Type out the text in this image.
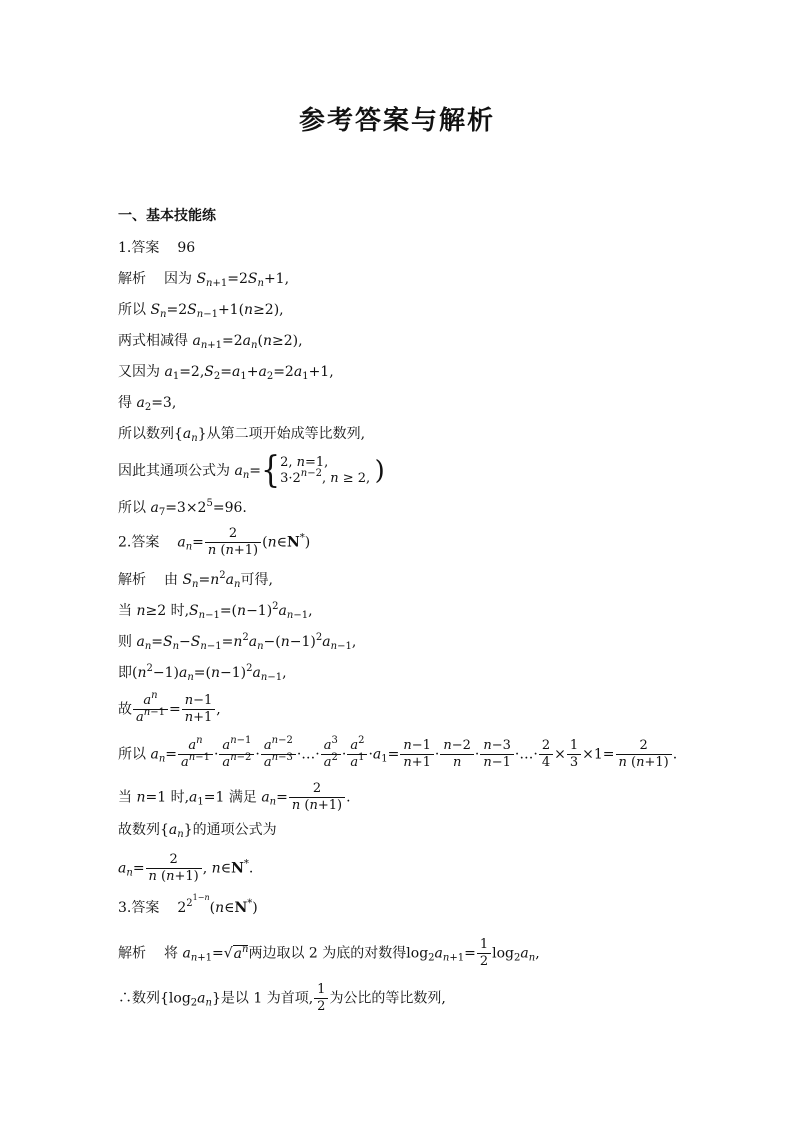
参考答案与解析
一、基本技能练
1.答案 96
解析 因为 $S_{n+1}=2S_n+1$,
所以 $S_n=2S_{n-1}+1(n\ge 2)$,
两式相减得 $a_{n+1}=2a_n(n\ge 2)$,
又因为 $a_1=2,S_2=a_1+a_2=2a_1+1$,
得 $a_2=3$,
所以数列$\{a_n\}$从第二项开始成等比数列,
因此其通项公式为 $a_n=${ 2, n=1,
$3\cdot 2^{n-2}$, n ≥ 2, )
所以 $a_7=3\times 2^5=96$.
2.答案 $a_n= \frac{2}{n (n+1)}$ (n∈N*)
解析 由 $S_n=n^2a_n$可得,
当 n≥2 时$,S_{n-1}=(n-1)^2a_{n-1}$,
则 $a_n=S_n-S_{n-1}=n^2a_n-(n-1)^2a_{n-1}$,
即$(n^2-1)a_n=(n-1)^2a_{n-1}$,
故 $\frac{a^n}{a^{n-1}} = \frac{n-1}{n+1}$ ,
所以 $a_n= \frac{a^n}{a^{n-1}} \cdot \frac{a^{n-1}}{a^{n-2}} \cdot \frac{a^{n-2}}{a^{n-3}}$ ·…· $\frac{a^3}{a^2} \cdot \frac{a^2}{a^1} \cdot a_1= \frac{n-1}{n+1} \cdot \frac{n-2}{n} \cdot \frac{n-3}{n-1}$ ·…· $\frac{2}{4} \times \frac{1}{3} \times 1= \frac{2}{n (n+1)}$ .
当 n=1 时$,a_1=1$ 满足 $a_n= \frac{2}{n (n+1)}$ .
故数列$\{a_n\}$的通项公式为
$a_n= \frac{2}{n (n+1)}$ , n∈N*.
3.答案 $2^{2^{1-n}}(n\in N^*)$
解析 将 $a_{n+1}=√a^n$两边取以 2 为底的对数得$\log_2a_{n+1}= \frac{1}{2} \log_2a_n$,
∴数列$\{\log_2a_n\}$是以 1 为首项, $\frac{1}{2}$ 为公比的等比数列,
